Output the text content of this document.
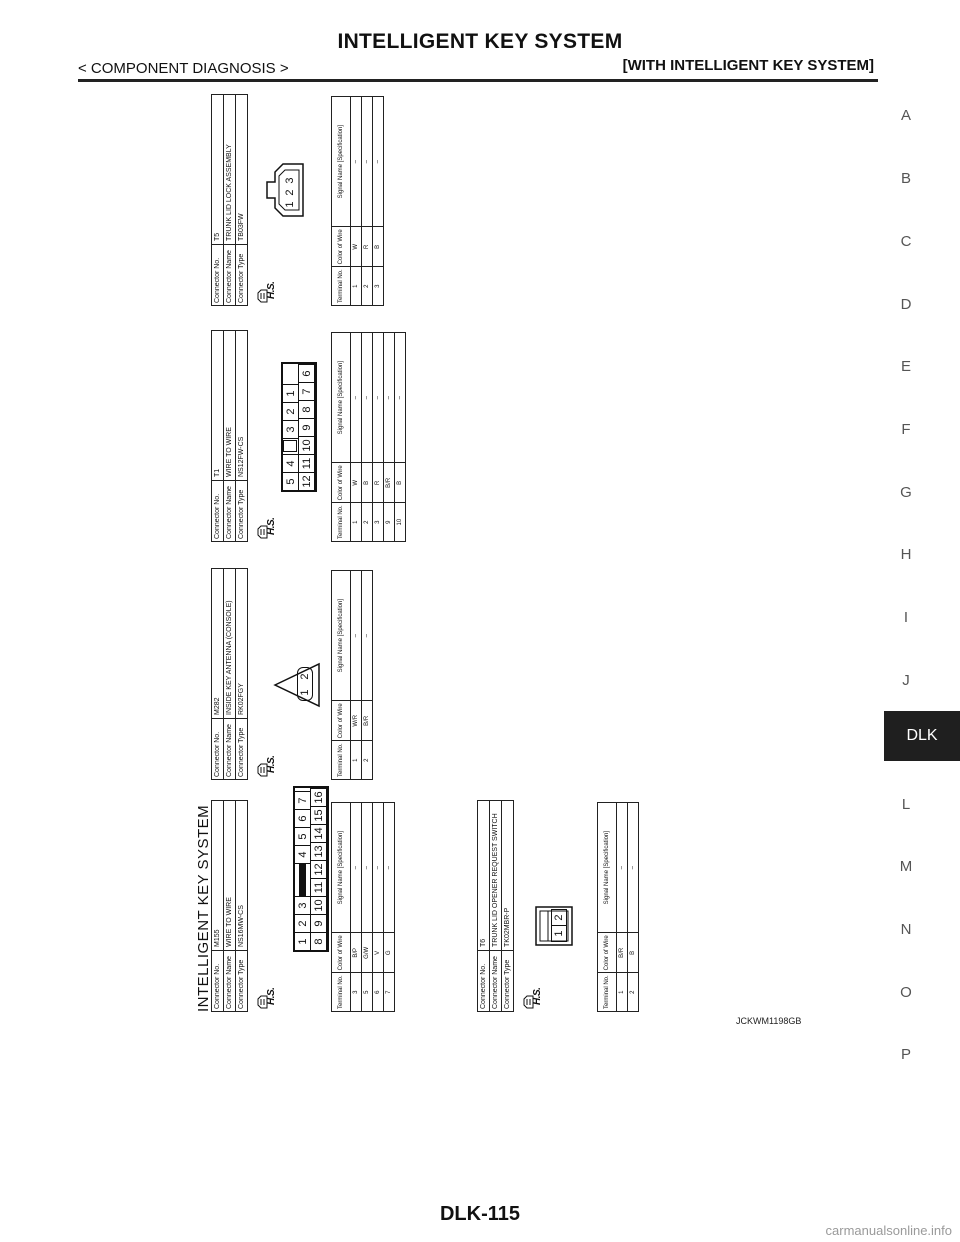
INTELLIGENT KEY SYSTEM
< COMPONENT DIAGNOSIS >	[WITH INTELLIGENT KEY SYSTEM]
A
B
C
D
E
F
G
H
I
J
L
M
N
O
P
DLK
INTELLIGENT KEY SYSTEM Connector No.
M155
Connector Name
WIRE TO WIRE
Connector Type
NS16MW-CS
H.S.
1
2
3
4
5
6
7
8
9
10
11
12
13
14
15
16
Terminal No.	Color of Wire	Signal Name [Specification]
3	B/P	–
5	G/W	–
6	V	–
7	G	–
Connector No.
M282
Connector Name
INSIDE KEY ANTENNA (CONSOLE)
Connector Type
RK02FGY
H.S.
1
2
Terminal No.	Color of Wire	Signal Name [Specification]
1	W/R	–
2	B/R	–
Connector No.
T1
Connector Name
WIRE TO WIRE
Connector Type
NS12FW-CS
H.S.
5
4
3
2
1
12
11
10
9
8
7
6
Terminal No.	Color of Wire	Signal Name [Specification]
1	W	–
2	B	–
3	R	–
9	B/R	–
10	B	–
Connector No.
T5
Connector Name
TRUNK LID LOCK ASSEMBLY
Connector Type
TB03FW
H.S.
1
2
3
Terminal No.	Color of Wire	Signal Name [Specification]
1	W	–
2	R	–
3	B	–
Connector No.
T6
Connector Name
TRUNK LID OPENER REQUEST SWITCH
Connector Type
TK02MBR-P
H.S.
1
2
Terminal No.	Color of Wire	Signal Name [Specification]
1	B/R	–
2	B	–
JCKWM1198GB
DLK-115
carmanualsonline.info
